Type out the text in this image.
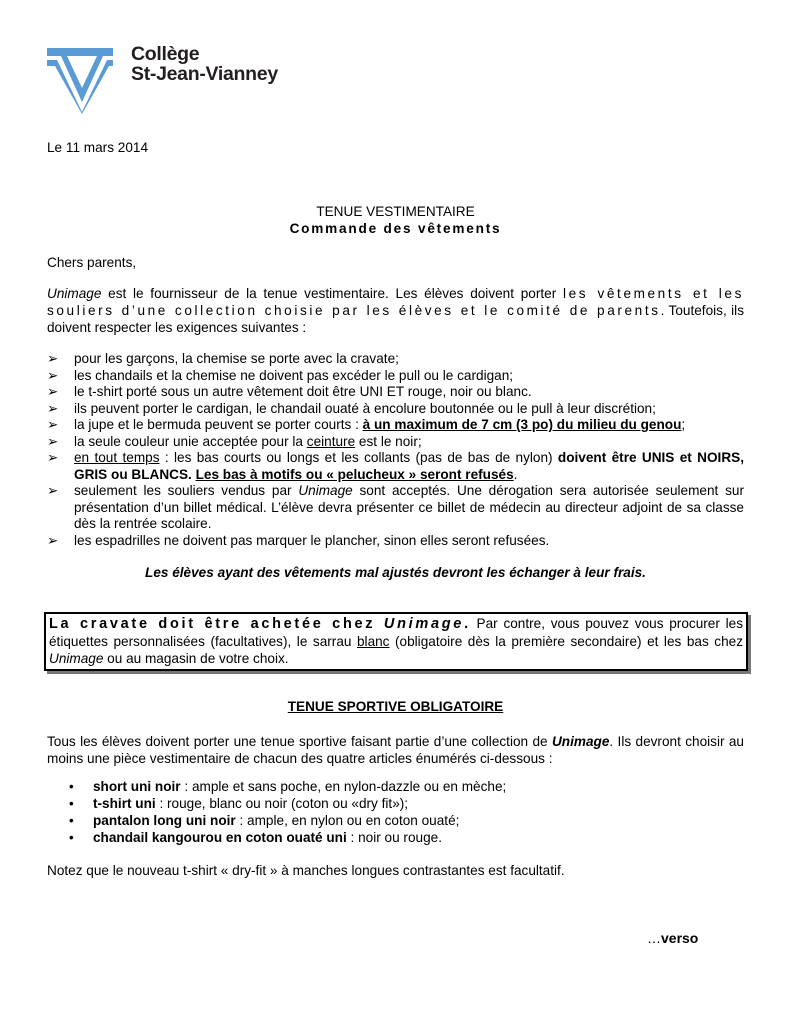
Collège
St-Jean-Vianney
Le 11 mars 2014
TENUE VESTIMENTAIRE
Commande des vêtements
Chers parents,
Unimage est le fournisseur de la tenue vestimentaire. Les élèves doivent porter les vêtements et les souliers d’une collection choisie par les élèves et le comité de parents. Toutefois, ils doivent respecter les exigences suivantes :
➢ pour les garçons, la chemise se porte avec la cravate;
➢ les chandails et la chemise ne doivent pas excéder le pull ou le cardigan;
➢ le t-shirt porté sous un autre vêtement doit être UNI ET rouge, noir ou blanc.
➢ ils peuvent porter le cardigan, le chandail ouaté à encolure boutonnée ou le pull à leur discrétion;
➢ la jupe et le bermuda peuvent se porter courts : à un maximum de 7 cm (3 po) du milieu du genou;
➢ la seule couleur unie acceptée pour la ceinture est le noir;
➢ en tout temps : les bas courts ou longs et les collants (pas de bas de nylon) doivent être UNIS et NOIRS, GRIS ou BLANCS. Les bas à motifs ou « pelucheux » seront refusés.
➢ seulement les souliers vendus par Unimage sont acceptés. Une dérogation sera autorisée seulement sur présentation d’un billet médical. L’élève devra présenter ce billet de médecin au directeur adjoint de sa classe dès la rentrée scolaire.
➢ les espadrilles ne doivent pas marquer le plancher, sinon elles seront refusées.
Les élèves ayant des vêtements mal ajustés devront les échanger à leur frais.
La cravate doit être achetée chez Unimage. Par contre, vous pouvez vous procurer les étiquettes personnalisées (facultatives), le sarrau blanc (obligatoire dès la première secondaire) et les bas chez Unimage ou au magasin de votre choix.
TENUE SPORTIVE OBLIGATOIRE
Tous les élèves doivent porter une tenue sportive faisant partie d’une collection de Unimage. Ils devront choisir au moins une pièce vestimentaire de chacun des quatre articles énumérés ci-dessous :
• short uni noir : ample et sans poche, en nylon-dazzle ou en mèche;
• t-shirt uni : rouge, blanc ou noir (coton ou «dry fit»);
• pantalon long uni noir : ample, en nylon ou en coton ouaté;
• chandail kangourou en coton ouaté uni : noir ou rouge.
Notez que le nouveau t-shirt « dry-fit » à manches longues contrastantes est facultatif.
…verso
